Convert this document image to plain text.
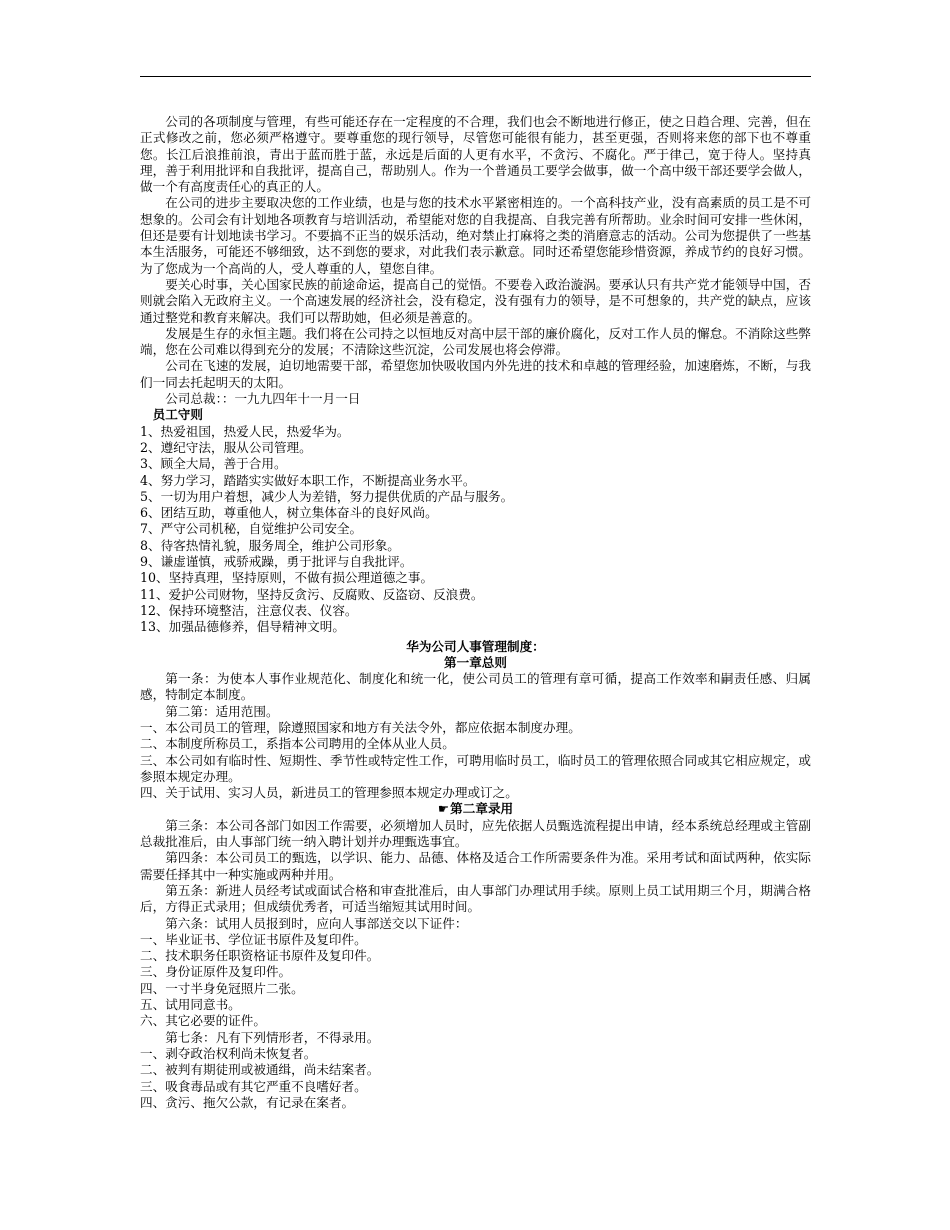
公司的各项制度与管理，有些可能还存在一定程度的不合理，我们也会不断地进行修正，使之日趋合理、完善，但在正式修改之前，您必须严格遵守。要尊重您的现行领导，尽管您可能很有能力，甚至更强，否则将来您的部下也不尊重您。长江后浪推前浪，青出于蓝而胜于蓝，永远是后面的人更有水平，不贪污、不腐化。严于律己，宽于待人。坚持真理，善于利用批评和自我批评，提高自己，帮助别人。作为一个普通员工要学会做事，做一个高中级干部还要学会做人，做一个有高度责任心的真正的人。

在公司的进步主要取决您的工作业绩，也是与您的技术水平紧密相连的。一个高科技产业，没有高素质的员工是不可想象的。公司会有计划地各项教育与培训活动，希望能对您的自我提高、自我完善有所帮助。业余时间可安排一些休闲，但还是要有计划地读书学习。不要搞不正当的娱乐活动，绝对禁止打麻将之类的消磨意志的活动。公司为您提供了一些基本生活服务，可能还不够细致，达不到您的要求，对此我们表示歉意。同时还希望您能珍惜资源，养成节约的良好习惯。为了您成为一个高尚的人，受人尊重的人，望您自律。

要关心时事，关心国家民族的前途命运，提高自己的觉悟。不要卷入政治漩涡。要承认只有共产党才能领导中国，否则就会陷入无政府主义。一个高速发展的经济社会，没有稳定，没有强有力的领导，是不可想象的，共产党的缺点，应该通过整党和教育来解决。我们可以帮助她，但必须是善意的。

发展是生存的永恒主题。我们将在公司持之以恒地反对高中层干部的廉价腐化，反对工作人员的懈怠。不消除这些弊端，您在公司难以得到充分的发展；不清除这些沉淀，公司发展也将会停滞。

公司在飞速的发展，迫切地需要干部，希望您加快吸收国内外先进的技术和卓越的管理经验，加速磨炼，不断，与我们一同去托起明天的太阳。

公司总裁：：一九九四年十一月一日

员工守则

1、热爱祖国，热爱人民，热爱华为。

2、遵纪守法，服从公司管理。

3、顾全大局，善于合用。

4、努力学习，踏踏实实做好本职工作，不断提高业务水平。

5、一切为用户着想，减少人为差错，努力提供优质的产品与服务。

6、团结互助，尊重他人，树立集体奋斗的良好风尚。

7、严守公司机秘，自觉维护公司安全。

8、待客热情礼貌，服务周全，维护公司形象。

9、谦虚谨慎，戒骄戒躁，勇于批评与自我批评。

10、坚持真理，坚持原则，不做有损公理道德之事。

11、爱护公司财物，坚持反贪污、反腐败、反盗窃、反浪费。

12、保持环境整洁，注意仪表、仪容。

13、加强品德修养，倡导精神文明。

华为公司人事管理制度：
第一章总则

第一条：为使本人事作业规范化、制度化和统一化，使公司员工的管理有章可循，提高工作效率和嗣责任感、归属感，特制定本制度。

第二第：适用范围。

一、本公司员工的管理，除遵照国家和地方有关法令外，都应依据本制度办理。

二、本制度所称员工，系指本公司聘用的全体从业人员。

三、本公司如有临时性、短期性、季节性或特定性工作，可聘用临时员工，临时员工的管理依照合同或其它相应规定，或参照本规定办理。

四、关于试用、实习人员，新进员工的管理参照本规定办理或订之。

☛第二章录用

第三条：本公司各部门如因工作需要，必须增加人员时，应先依据人员甄选流程提出申请，经本系统总经理或主管副总裁批准后，由人事部门统一纳入聘计划并办理甄选事宜。

第四条：本公司员工的甄选，以学识、能力、品德、体格及适合工作所需要条件为准。采用考试和面试两种，依实际需要任择其中一种实施或两种并用。

第五条：新进人员经考试或面试合格和审查批准后，由人事部门办理试用手续。原则上员工试用期三个月，期满合格后，方得正式录用；但成绩优秀者，可适当缩短其试用时间。

第六条：试用人员报到时，应向人事部送交以下证件：

一、毕业证书、学位证书原件及复印件。

二、技术职务任职资格证书原件及复印件。

三、身份证原件及复印件。

四、一寸半身免冠照片二张。

五、试用同意书。

六、其它必要的证件。

第七条：凡有下列情形者，不得录用。

一、剥夺政治权利尚未恢复者。

二、被判有期徒刑或被通缉，尚未结案者。

三、吸食毒品或有其它严重不良嗜好者。

四、贪污、拖欠公款，有记录在案者。
